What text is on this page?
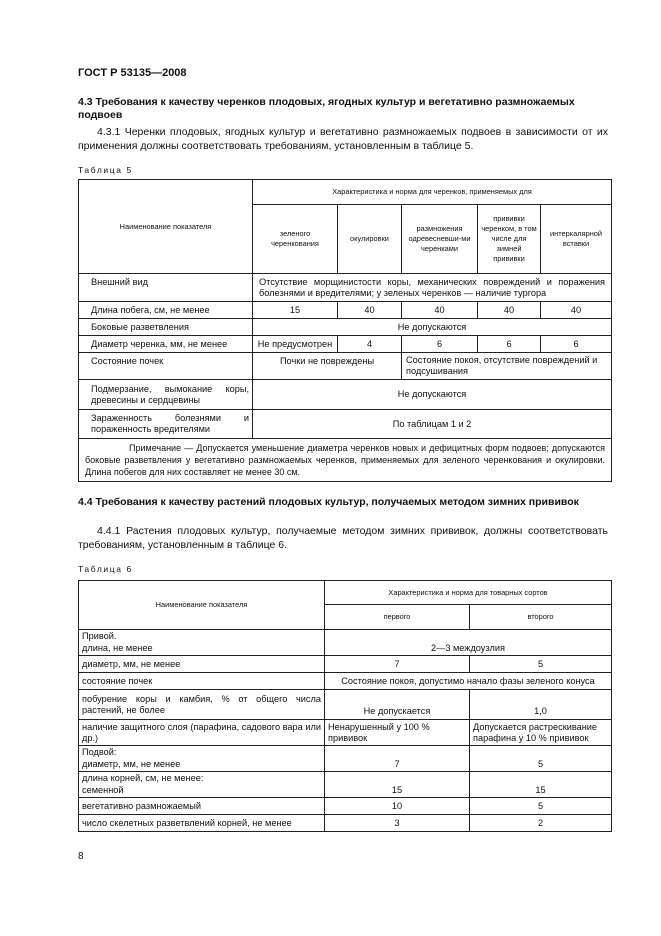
ГОСТ Р 53135—2008
4.3 Требования к качеству черенков плодовых, ягодных культур и вегетативно размножаемых подвоев
4.3.1 Черенки плодовых, ягодных культур и вегетативно размножаемых подвоев в зависимости от их применения должны соответствовать требованиям, установленным в таблице 5.
Таблица 5
Наименование показателя	Характеристика и норма для черенков, применяемых для				
	зеленого черенкования	окулировки	размножения одревесневши-ми черенками	прививки черенком, в том числе для зимней прививки	интеркалярной вставки
Внешний вид	Отсутствие морщинистости коры, механических повреждений и поражения болезнями и вредителями; у зеленых черенков — наличие тургора				
Длина побега, см, не менее	15	40	40	40	40
Боковые разветвления	Не допускаются				
Диаметр черенка, мм, не менее	Не предусмотрен	4	6	6	6
Состояние почек	Почки не повреждены		Состояние покоя, отсутствие повреждений и подсушивания		
Подмерзание, вымокание коры, древесины и сердцевины	Не допускаются				
Зараженность болезнями и пораженность вредителями	По таблицам 1 и 2				
Примечание — Допускается уменьшение диаметра черенков новых и дефицитных форм подвоев; допускаются боковые разветвления у вегетативно размножаемых черенков, применяемых для зеленого черенкования и окулировки. Длина побегов для них составляет не менее 30 см.					
4.4 Требования к качеству растений плодовых культур, получаемых методом зимних прививок
4.4.1 Растения плодовых культур, получаемые методом зимних прививок, должны соответствовать требованиям, установленным в таблице 6.
Таблица 6
Наименование показателя	Характеристика и норма для товарных сортов	
	первого	второго
Привой.		
длина, не менее	2—3 междоузлия	
диаметр, мм, не менее	7	5
состояние почек	Состояние покоя, допустимо начало фазы зеленого конуса	
побурение коры и камбия, % от общего числа растений, не более	Не допускается	1,0
наличие защитного слоя (парафина, садового вара или др.)	Ненарушенный у 100 % прививок	Допускается растрескивание парафина у 10 % прививок
Подвой:		
диаметр, мм, не менее	7	5
длина корней, см, не менее:		
семенной	15	15
вегетативно размножаемый	10	5
число скелетных разветвлений корней, не менее	3	2
8
